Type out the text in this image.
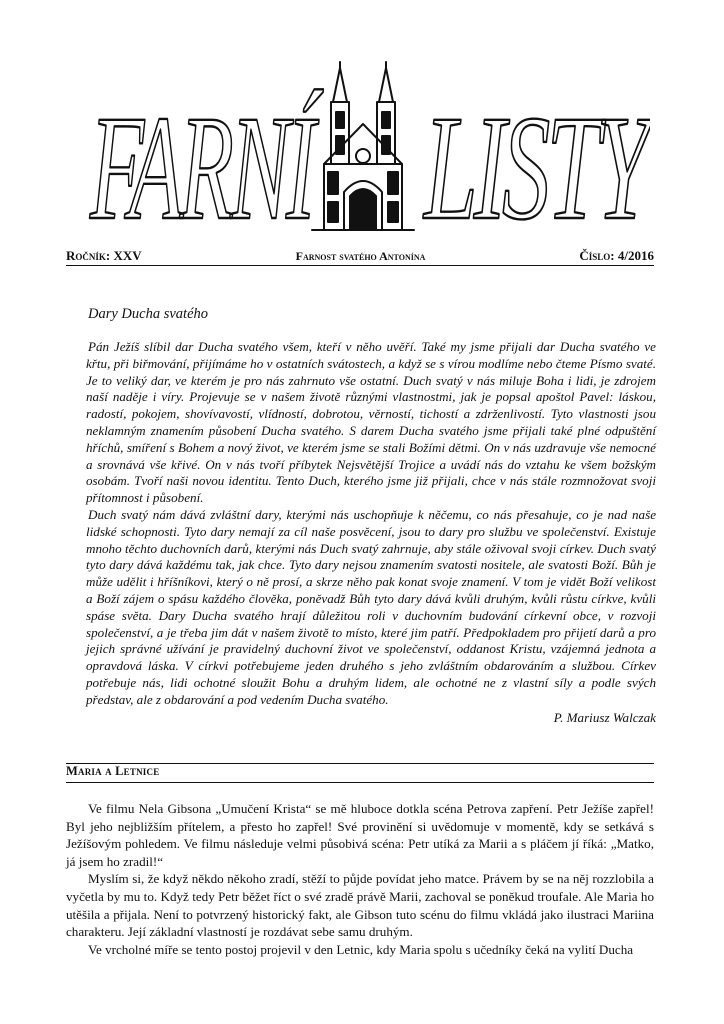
FARNÍ LISTY
Ročník: XXV	Farnost svatého Antonína	Číslo: 4/2016
Dary Ducha svatého

Pán Ježíš slíbil dar Ducha svatého všem, kteří v něho uvěří. Také my jsme přijali dar Ducha svatého ve křtu, při biřmování, přijímáme ho v ostatních svátostech, a když se s vírou modlíme nebo čteme Písmo svaté. Je to veliký dar, ve kterém je pro nás zahrnuto vše ostatní. Duch svatý v nás miluje Boha i lidi, je zdrojem naší naděje i víry. Projevuje se v našem životě různými vlastnostmi, jak je popsal apoštol Pavel: láskou, radostí, pokojem, shovívavostí, vlídností, dobrotou, věrností, tichostí a zdrženlivostí. Tyto vlastnosti jsou neklamným znamením působení Ducha svatého. S darem Ducha svatého jsme přijali také plné odpuštění hříchů, smíření s Bohem a nový život, ve kterém jsme se stali Božími dětmi. On v nás uzdravuje vše nemocné a srovnává vše křivé. On v nás tvoří příbytek Nejsvětější Trojice a uvádí nás do vztahu ke všem božským osobám. Tvoří naši novou identitu. Tento Duch, kterého jsme již přijali, chce v nás stále rozmnožovat svoji přítomnost i působení.

Duch svatý nám dává zvláštní dary, kterými nás uschopňuje k něčemu, co nás přesahuje, co je nad naše lidské schopnosti. Tyto dary nemají za cíl naše posvěcení, jsou to dary pro službu ve společenství. Existuje mnoho těchto duchovních darů, kterými nás Duch svatý zahrnuje, aby stále oživoval svoji církev. Duch svatý tyto dary dává každému tak, jak chce. Tyto dary nejsou znamením svatosti nositele, ale svatosti Boží. Bůh je může udělit i hříšníkovi, který o ně prosí, a skrze něho pak konat svoje znamení. V tom je vidět Boží velikost a Boží zájem o spásu každého člověka, poněvadž Bůh tyto dary dává kvůli druhým, kvůli růstu církve, kvůli spáse světa. Dary Ducha svatého hrají důležitou roli v duchovním budování církevní obce, v rozvoji společenství, a je třeba jim dát v našem životě to místo, které jim patří. Předpokladem pro přijetí darů a pro jejich správné užívání je pravidelný duchovní život ve společenství, oddanost Kristu, vzájemná jednota a opravdová láska. V církvi potřebujeme jeden druhého s jeho zvláštním obdarováním a službou. Církev potřebuje nás, lidi ochotné sloužit Bohu a druhým lidem, ale ochotné ne z vlastní síly a podle svých představ, ale z obdarování a pod vedením Ducha svatého.

P. Mariusz Walczak
Maria a Letnice

Ve filmu Nela Gibsona „Umučení Krista“ se mě hluboce dotkla scéna Petrova zapření. Petr Ježíše zapřel! Byl jeho nejbližším přítelem, a přesto ho zapřel! Své provinění si uvědomuje v momentě, kdy se setkává s Ježíšovým pohledem. Ve filmu následuje velmi působivá scéna: Petr utíká za Marii a s pláčem jí říká: „Matko, já jsem ho zradil!“

Myslím si, že když někdo někoho zradí, stěží to půjde povídat jeho matce. Právem by se na něj rozzlobila a vyčetla by mu to. Když tedy Petr běžet říct o své zradě právě Marii, zachoval se poněkud troufale. Ale Maria ho utěšila a přijala. Není to potvrzený historický fakt, ale Gibson tuto scénu do filmu vkládá jako ilustraci Mariina charakteru. Její základní vlastností je rozdávat sebe samu druhým.

Ve vrcholné míře se tento postoj projevil v den Letnic, kdy Maria spolu s učedníky čeká na vylití Ducha
